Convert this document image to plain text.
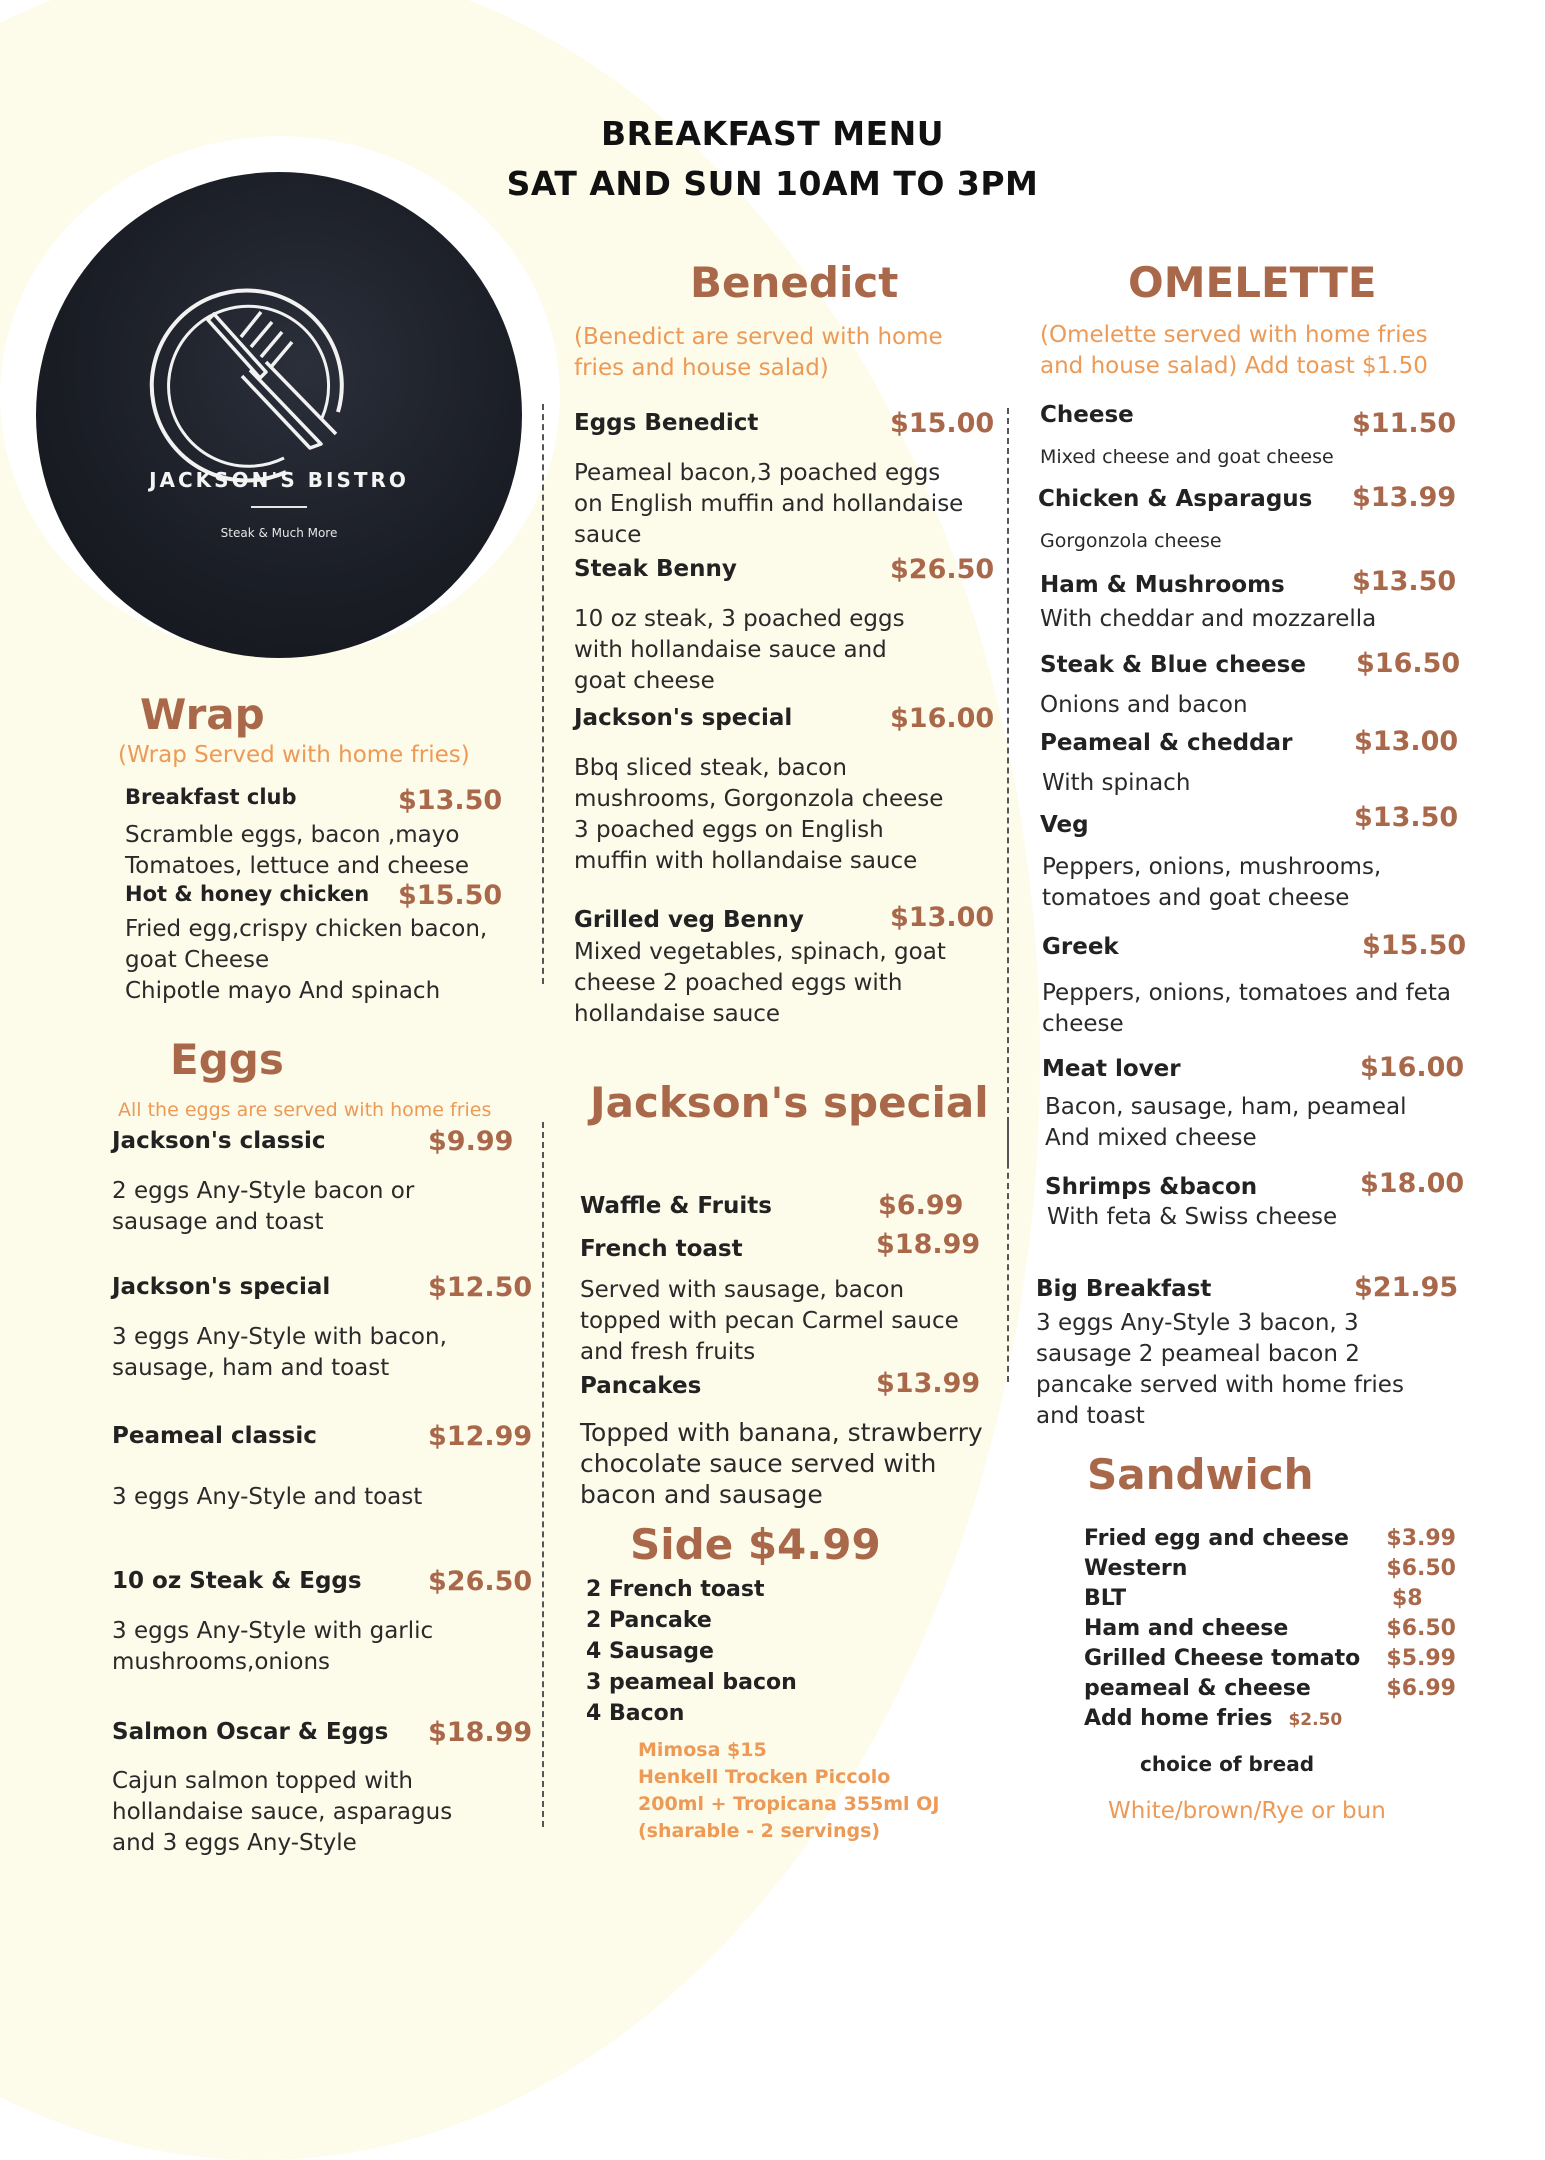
BREAKFAST MENU
SAT AND SUN 10AM TO 3PM
JACKSON'S BISTRO
Steak & Much More
Wrap
(Wrap Served with home fries)
Breakfast club	$13.50
Scramble eggs, bacon ,mayo
Tomatoes, lettuce and cheese
Hot & honey chicken $15.50
Fried egg,crispy chicken bacon,
goat Cheese
Chipotle mayo And spinach
Eggs
All the eggs are served with home fries
Jackson's classic	$9.99
2 eggs Any-Style bacon or
sausage and toast
Jackson's special	$12.50
3 eggs Any-Style with bacon,
sausage, ham and toast
Peameal classic	$12.99
3 eggs Any-Style and toast
10 oz Steak & Eggs $26.50
3 eggs Any-Style with garlic
mushrooms,onions
Salmon Oscar & Eggs $18.99
Cajun salmon topped with
hollandaise sauce, asparagus
and 3 eggs Any-Style
Benedict
(Benedict are served with home
fries and house salad)
Eggs Benedict	$15.00
Peameal bacon,3 poached eggs
on English muffin and hollandaise
sauce
Steak Benny	$26.50
10 oz steak, 3 poached eggs
with hollandaise sauce and
goat cheese
Jackson's special	$16.00
Bbq sliced steak, bacon
mushrooms, Gorgonzola cheese
3 poached eggs on English
muffin with hollandaise sauce
Grilled veg Benny	$13.00
Mixed vegetables, spinach, goat
cheese 2 poached eggs with
hollandaise sauce
Jackson's special
Waffle & Fruits	$6.99
French toast	$18.99
Served with sausage, bacon
topped with pecan Carmel sauce
and fresh fruits
Pancakes	$13.99
Topped with banana, strawberry
chocolate sauce served with
bacon and sausage
Side $4.99
2 French toast
2 Pancake
4 Sausage
3 peameal bacon
4 Bacon
Mimosa $15
Henkell Trocken Piccolo
200ml + Tropicana 355ml OJ
(sharable - 2 servings)
OMELETTE
(Omelette served with home fries
and house salad) Add toast $1.50
Cheese	$11.50
Mixed cheese and goat cheese
Chicken & Asparagus $13.99
Gorgonzola cheese
Ham & Mushrooms $13.50
With cheddar and mozzarella
Steak & Blue cheese $16.50
Onions and bacon
Peameal & cheddar $13.00
With spinach
Veg	$13.50
Peppers, onions, mushrooms,
tomatoes and goat cheese
Greek	$15.50
Peppers, onions, tomatoes and feta
cheese
Meat lover	$16.00
Bacon, sausage, ham, peameal
And mixed cheese
Shrimps &bacon	$18.00
With feta & Swiss cheese
Big Breakfast	$21.95
3 eggs Any-Style 3 bacon, 3
sausage 2 peameal bacon 2
pancake served with home fries
and toast
Sandwich
Fried egg and cheese $3.99
Western	$6.50
BLT	$8
Ham and cheese	$6.50
Grilled Cheese tomato $5.99
peameal & cheese	$6.99
Add home fries $2.50
choice of bread
White/brown/Rye or bun
